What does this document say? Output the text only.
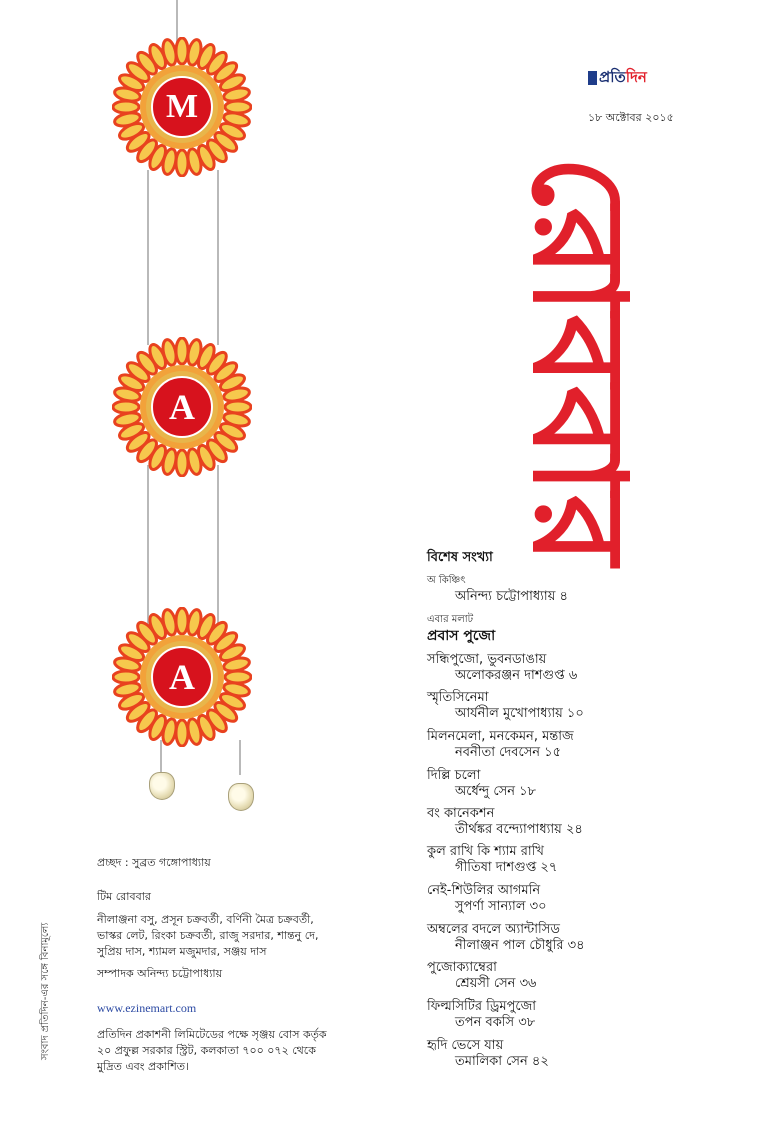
M
A
A
প্রতিদিন
১৮ অক্টোবর ২০১৫
রোববার
বিশেষ সংখ্যা
অ কিঞ্চিৎ
অনিন্দ্য চট্টোপাধ্যায় ৪
এবার মলাট
প্রবাস পুজো
সন্ধিপুজো, ভুবনডাঙায়
অলোকরঞ্জন দাশগুপ্ত ৬
স্মৃতিসিনেমা
আর্যনীল মুখোপাধ্যায় ১০
মিলনমেলা, মনকেমন, মন্তাজ
নবনীতা দেবসেন ১৫
দিল্লি চলো
অর্ধেন্দু সেন ১৮
বং কানেকশন
তীর্থঙ্কর বন্দ্যোপাধ্যায় ২৪
কুল রাখি কি শ্যাম রাখি
গীতিষা দাশগুপ্ত ২৭
নেই-শিউলির আগমনি
সুপর্ণা সান্যাল ৩০
অম্বলের বদলে অ্যান্টাসিড
নীলাঞ্জন পাল চৌধুরি ৩৪
পুজোক্যাম্বেরা
শ্রেয়সী সেন ৩৬
ফিল্মসিটির ড্রিমপুজো
তপন বকসি ৩৮
হৃদি ভেসে যায়
তমালিকা সেন ৪২
প্রচ্ছদ : সুব্রত গঙ্গোপাধ্যায়
টিম রোববার
নীলাঞ্জনা বসু, প্রসূন চক্রবর্তী, বর্ণিনী মৈত্র চক্রবর্তী,
ভাস্কর লেট, রিংকা চক্রবর্তী, রাজু সরদার, শান্তনু দে,
সুপ্রিয় দাস, শ্যামল মজুমদার, সঞ্জয় দাস
সম্পাদক অনিন্দ্য চট্টোপাধ্যায়
www.ezinemart.com
প্রতিদিন প্রকাশনী লিমিটেডের পক্ষে সৃঞ্জয় বোস কর্তৃক
২০ প্রফুল্ল সরকার স্ট্রিট, কলকাতা ৭০০ ০৭২ থেকে
মুদ্রিত এবং প্রকাশিত।
সংবাদ প্রতিদিন-এর সঙ্গে বিনামূল্যে
